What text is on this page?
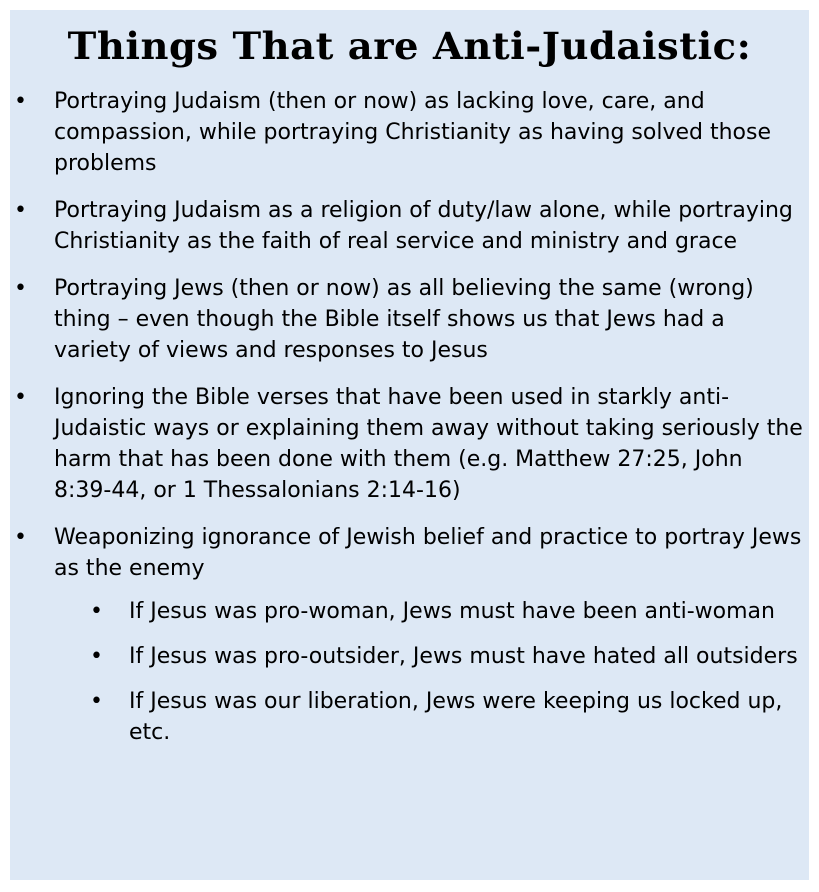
Things That are Anti-Judaistic:
• Portraying Judaism (then or now) as lacking love, care, and compassion, while portraying Christianity as having solved those problems
• Portraying Judaism as a religion of duty/law alone, while portraying Christianity as the faith of real service and ministry and grace
• Portraying Jews (then or now) as all believing the same (wrong) thing – even though the Bible itself shows us that Jews had a variety of views and responses to Jesus
• Ignoring the Bible verses that have been used in starkly anti-Judaistic ways or explaining them away without taking seriously the harm that has been done with them (e.g. Matthew 27:25, John 8:39-44, or 1 Thessalonians 2:14-16)
• Weaponizing ignorance of Jewish belief and practice to portray Jews as the enemy
• If Jesus was pro-woman, Jews must have been anti-woman
• If Jesus was pro-outsider, Jews must have hated all outsiders
• If Jesus was our liberation, Jews were keeping us locked up, etc.
